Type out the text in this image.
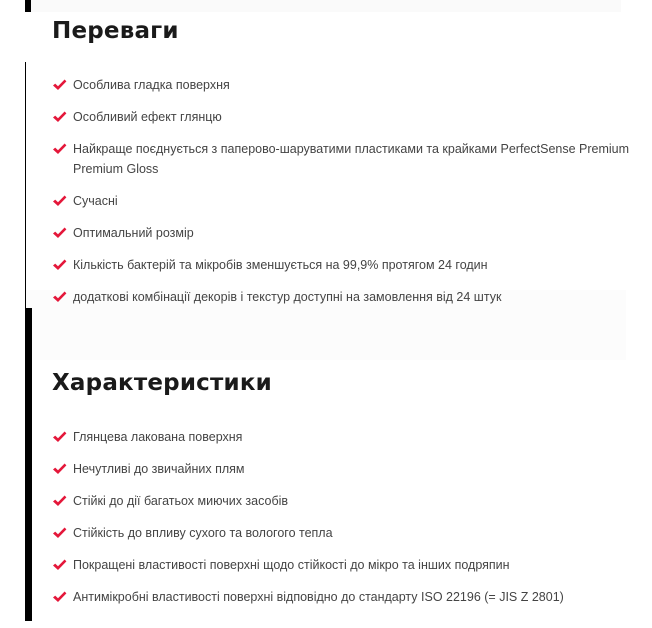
Переваги
Особлива гладка поверхня
Особливий ефект глянцю
Найкраще поєднується з паперово-шаруватими пластиками та крайками PerfectSense Premium Premium Gloss
Сучасні
Оптимальний розмір
Кількість бактерій та мікробів зменшується на 99,9% протягом 24 годин
додаткові комбінації декорів і текстур доступні на замовлення від 24 штук
Характеристики
Глянцева лакована поверхня
Нечутливі до звичайних плям
Стійкі до дії багатьох миючих засобів
Стійкість до впливу сухого та вологого тепла
Покращені властивості поверхні щодо стійкості до мікро та інших подряпин
Антимікробні властивості поверхні відповідно до стандарту ISO 22196 (= JIS Z 2801)
